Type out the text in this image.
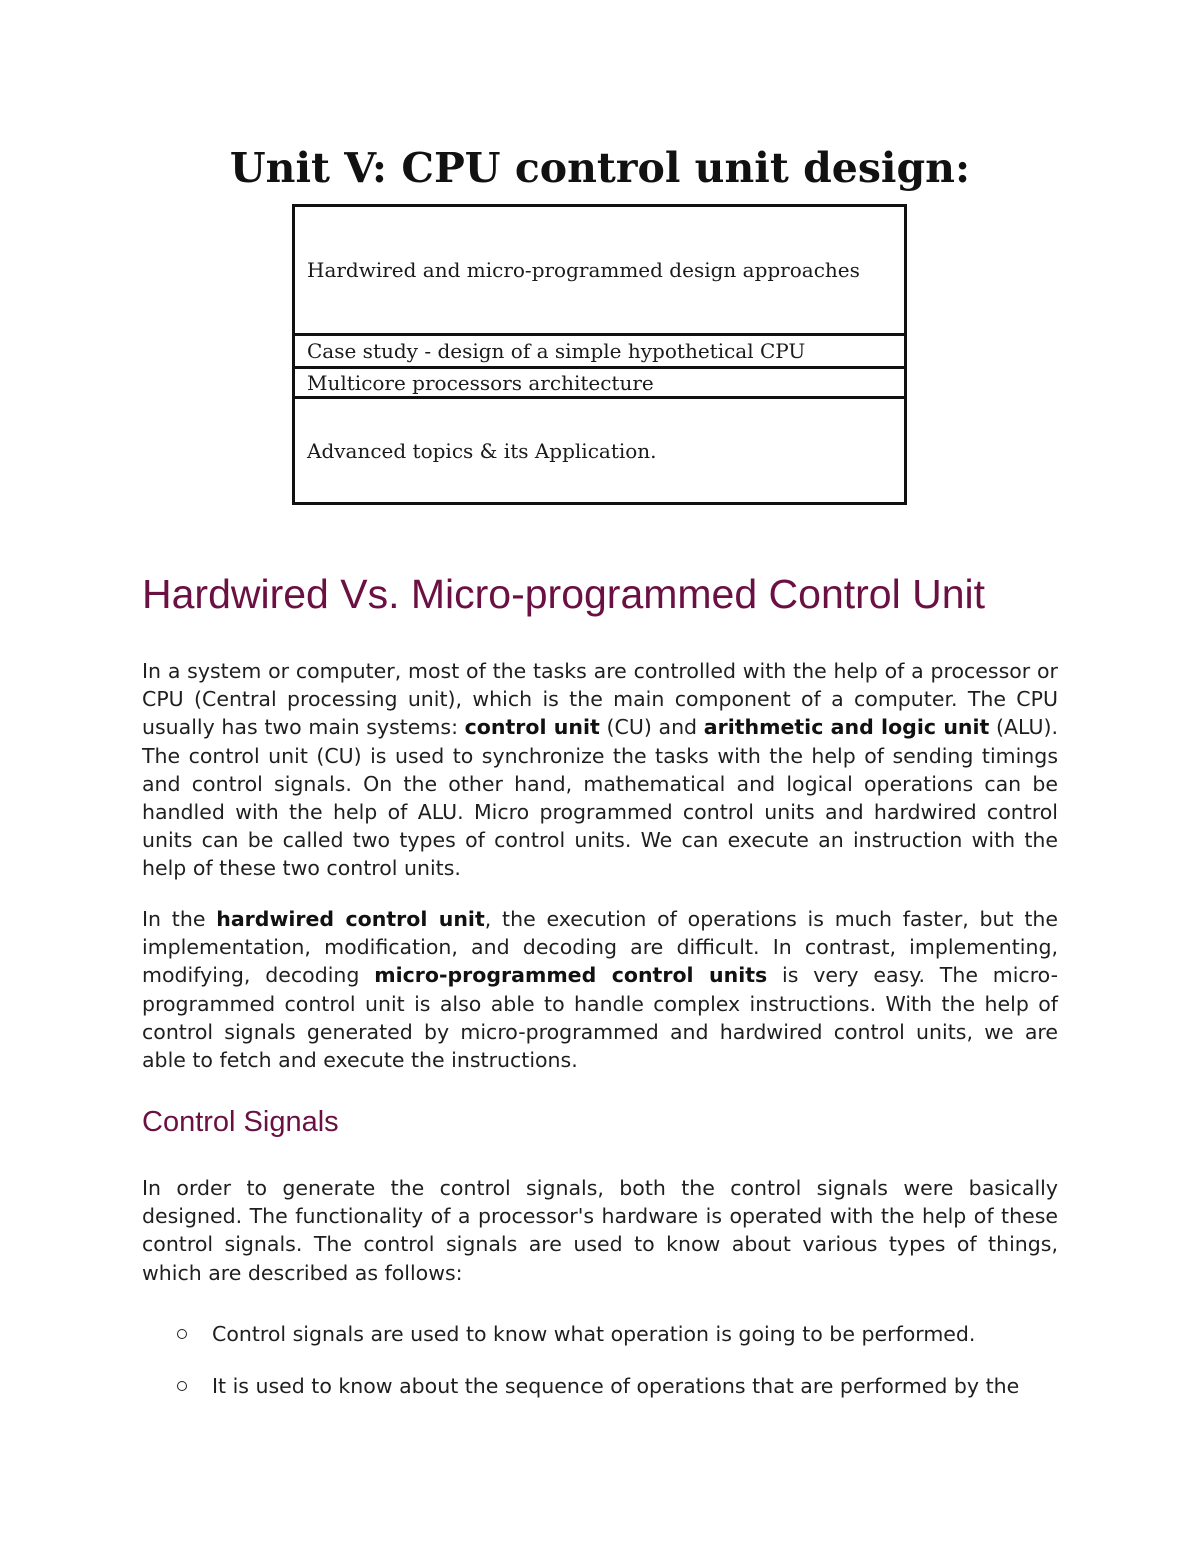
Unit V: CPU control unit design:
Hardwired and micro-programmed design approaches
Case study - design of a simple hypothetical CPU
Multicore processors architecture
Advanced topics & its Application.
Hardwired Vs. Micro-programmed Control Unit

In a system or computer, most of the tasks are controlled with the help of a processor or CPU (Central processing unit), which is the main component of a computer. The CPU usually has two main systems: control unit (CU) and arithmetic and logic unit (ALU). The control unit (CU) is used to synchronize the tasks with the help of sending timings and control signals. On the other hand, mathematical and logical operations can be handled with the help of ALU. Micro programmed control units and hardwired control units can be called two types of control units. We can execute an instruction with the help of these two control units.

In the hardwired control unit, the execution of operations is much faster, but the implementation, modification, and decoding are difficult. In contrast, implementing, modifying, decoding micro-programmed control units is very easy. The micro-programmed control unit is also able to handle complex instructions. With the help of control signals generated by micro-programmed and hardwired control units, we are able to fetch and execute the instructions.

Control Signals

In order to generate the control signals, both the control signals were basically designed. The functionality of a processor's hardware is operated with the help of these control signals. The control signals are used to know about various types of things, which are described as follows:

Control signals are used to know what operation is going to be performed.
It is used to know about the sequence of operations that are performed by the
